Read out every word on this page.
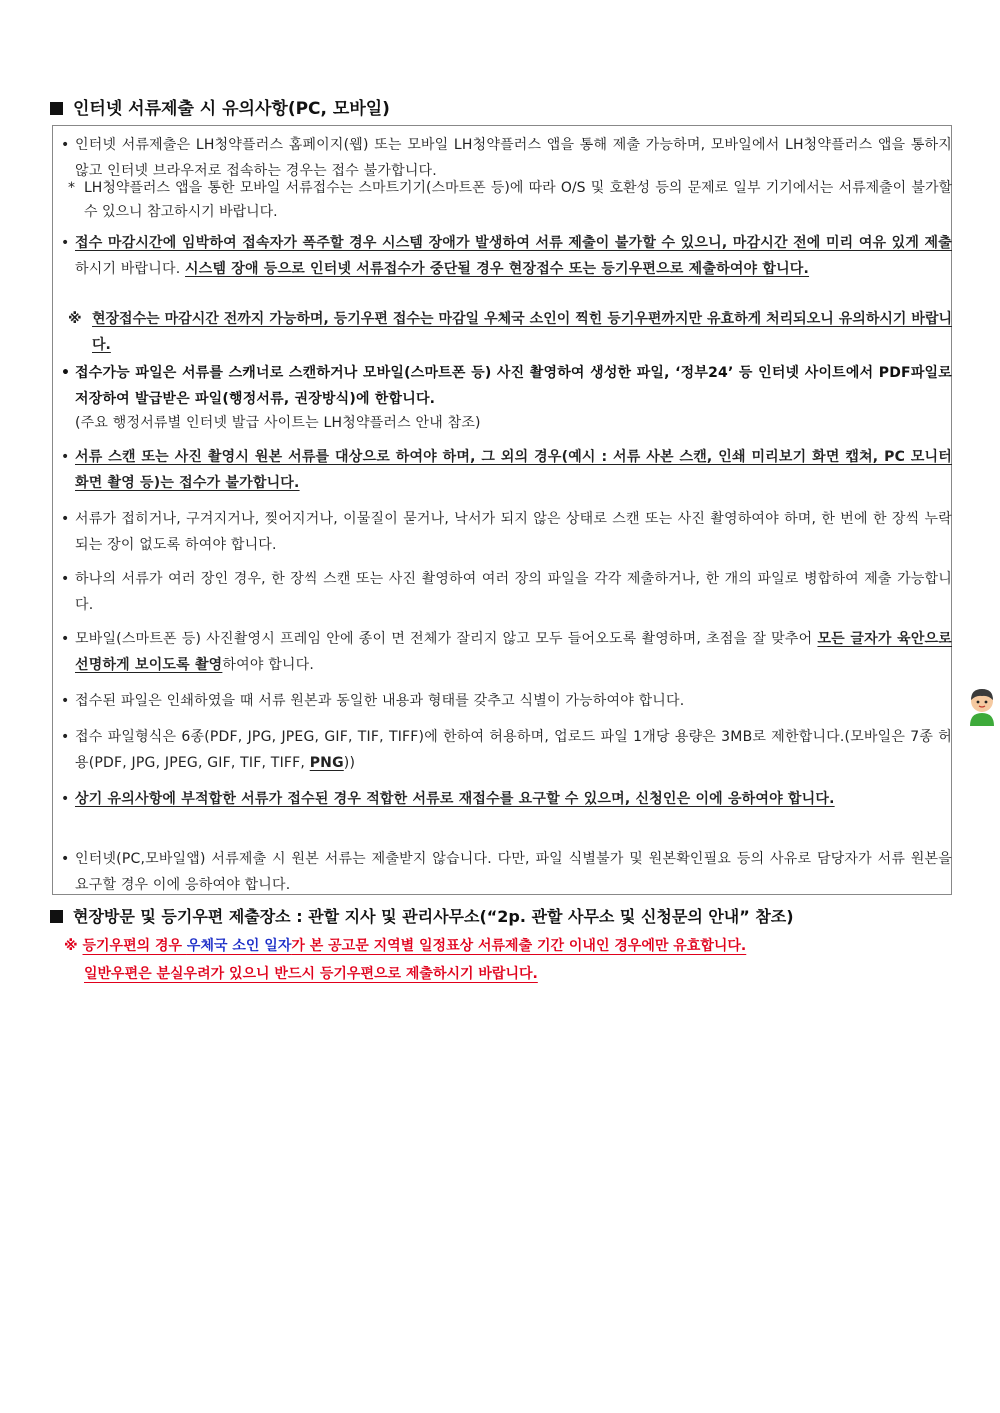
인터넷 서류제출 시 유의사항(PC, 모바일)
• 인터넷 서류제출은 LH청약플러스 홈페이지(웹) 또는 모바일 LH청약플러스 앱을 통해 제출 가능하며, 모바일에서 LH청약플러스 앱을 통하지 않고 인터넷 브라우저로 접속하는 경우는 접수 불가합니다.
* LH청약플러스 앱을 통한 모바일 서류접수는 스마트기기(스마트폰 등)에 따라 O/S 및 호환성 등의 문제로 일부 기기에서는 서류제출이 불가할 수 있으니 참고하시기 바랍니다.
• 접수 마감시간에 임박하여 접속자가 폭주할 경우 시스템 장애가 발생하여 서류 제출이 불가할 수 있으니, 마감시간 전에 미리 여유 있게 제출하시기 바랍니다. 시스템 장애 등으로 인터넷 서류접수가 중단될 경우 현장접수 또는 등기우편으로 제출하여야 합니다.
※ 현장접수는 마감시간 전까지 가능하며, 등기우편 접수는 마감일 우체국 소인이 찍힌 등기우편까지만 유효하게 처리되오니 유의하시기 바랍니다.
• 접수가능 파일은 서류를 스캐너로 스캔하거나 모바일(스마트폰 등) 사진 촬영하여 생성한 파일, ‘정부24’ 등 인터넷 사이트에서 PDF파일로 저장하여 발급받은 파일(행정서류, 권장방식)에 한합니다.
(주요 행정서류별 인터넷 발급 사이트는 LH청약플러스 안내 참조)
• 서류 스캔 또는 사진 촬영시 원본 서류를 대상으로 하여야 하며, 그 외의 경우(예시 : 서류 사본 스캔, 인쇄 미리보기 화면 캡쳐, PC 모니터 화면 촬영 등)는 접수가 불가합니다.
• 서류가 접히거나, 구겨지거나, 찢어지거나, 이물질이 묻거나, 낙서가 되지 않은 상태로 스캔 또는 사진 촬영하여야 하며, 한 번에 한 장씩 누락되는 장이 없도록 하여야 합니다.
• 하나의 서류가 여러 장인 경우, 한 장씩 스캔 또는 사진 촬영하여 여러 장의 파일을 각각 제출하거나, 한 개의 파일로 병합하여 제출 가능합니다.
• 모바일(스마트폰 등) 사진촬영시 프레임 안에 종이 면 전체가 잘리지 않고 모두 들어오도록 촬영하며, 초점을 잘 맞추어 모든 글자가 육안으로 선명하게 보이도록 촬영하여야 합니다.
• 접수된 파일은 인쇄하였을 때 서류 원본과 동일한 내용과 형태를 갖추고 식별이 가능하여야 합니다.
• 접수 파일형식은 6종(PDF, JPG, JPEG, GIF, TIF, TIFF)에 한하여 허용하며, 업로드 파일 1개당 용량은 3MB로 제한합니다.(모바일은 7종 허용(PDF, JPG, JPEG, GIF, TIF, TIFF, PNG))
• 상기 유의사항에 부적합한 서류가 접수된 경우 적합한 서류로 재접수를 요구할 수 있으며, 신청인은 이에 응하여야 합니다.
• 인터넷(PC,모바일앱) 서류제출 시 원본 서류는 제출받지 않습니다. 다만, 파일 식별불가 및 원본확인필요 등의 사유로 담당자가 서류 원본을 요구할 경우 이에 응하여야 합니다.
현장방문 및 등기우편 제출장소 : 관할 지사 및 관리사무소(“2p. 관할 사무소 및 신청문의 안내” 참조)
※ 등기우편의 경우 우체국 소인 일자가 본 공고문 지역별 일정표상 서류제출 기간 이내인 경우에만 유효합니다.
일반우편은 분실우려가 있으니 반드시 등기우편으로 제출하시기 바랍니다.
